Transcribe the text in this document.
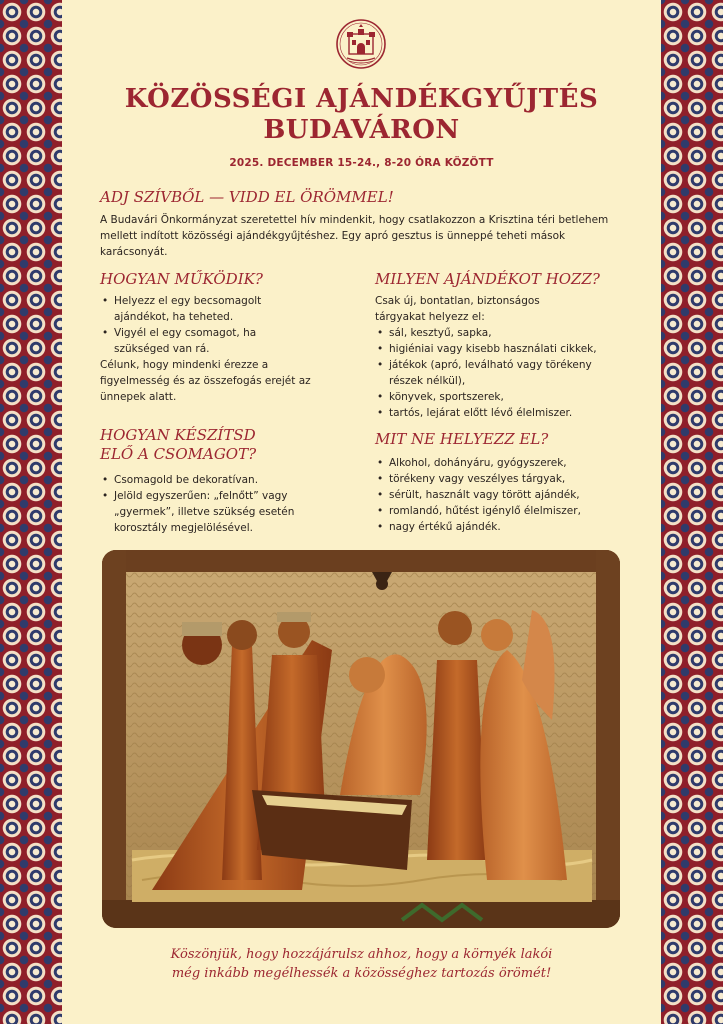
KÖZÖSSÉGI AJÁNDÉKGYŰJTÉS
BUDAVÁRON
2025. DECEMBER 15-24., 8-20 ÓRA KÖZÖTT
ADJ SZÍVBŐL — VIDD EL ÖRÖMMEL!

A Budavári Önkormányzat szeretettel hív mindenkit, hogy csatlakozzon a Krisztina téri betlehem mellett indított közösségi ajándékgyűjtéshez. Egy apró gesztus is ünneppé teheti mások karácsonyát.

HOGYAN MŰKÖDIK?
• Helyezz el egy becsomagolt ajándékot, ha teheted.
• Vigyél el egy csomagot, ha szükséged van rá.

Célunk, hogy mindenki érezze a figyelmesség és az összefogás erejét az ünnepek alatt.

HOGYAN KÉSZÍTSD
ELŐ A CSOMAGOT?
• Csomagold be dekoratívan.
• Jelöld egyszerűen: „felnőtt” vagy „gyermek”, illetve szükség esetén korosztály megjelölésével.
MILYEN AJÁNDÉKOT HOZZ?

Csak új, bontatlan, biztonságos tárgyakat helyezz el:

• sál, kesztyű, sapka,
• higiéniai vagy kisebb használati cikkek,
• játékok (apró, leválható vagy törékeny részek nélkül),
• könyvek, sportszerek,
• tartós, lejárat előtt lévő élelmiszer.
MIT NE HELYEZZ EL?
• Alkohol, dohányáru, gyógyszerek,
• törékeny vagy veszélyes tárgyak,
• sérült, használt vagy törött ajándék,
• romlandó, hűtést igénylő élelmiszer,
• nagy értékű ajándék.

Köszönjük, hogy hozzájárulsz ahhoz, hogy a környék lakói
még inkább megélhessék a közösséghez tartozás örömét!
